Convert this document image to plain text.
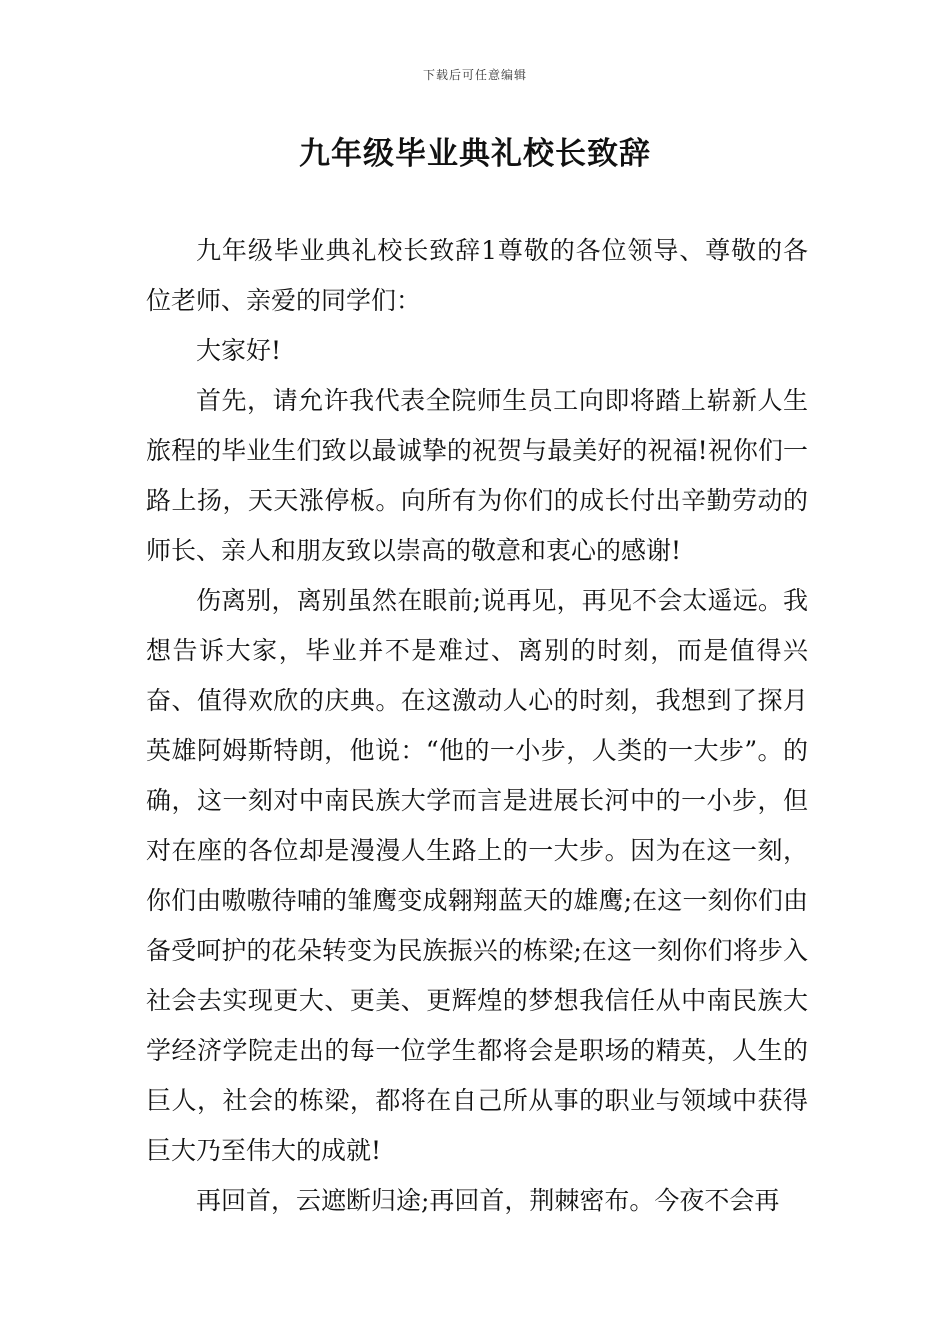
下载后可任意编辑
九年级毕业典礼校长致辞

九年级毕业典礼校长致辞1尊敬的各位领导、尊敬的各位老师、亲爱的同学们：

大家好!

首先，请允许我代表全院师生员工向即将踏上崭新人生旅程的毕业生们致以最诚挚的祝贺与最美好的祝福!祝你们一路上扬，天天涨停板。向所有为你们的成长付出辛勤劳动的师长、亲人和朋友致以崇高的敬意和衷心的感谢!

伤离别，离别虽然在眼前;说再见，再见不会太遥远。我想告诉大家，毕业并不是难过、离别的时刻，而是值得兴奋、值得欢欣的庆典。在这激动人心的时刻，我想到了探月英雄阿姆斯特朗，他说：“他的一小步，人类的一大步”。的确，这一刻对中南民族大学而言是进展长河中的一小步，但对在座的各位却是漫漫人生路上的一大步。因为在这一刻，你们由嗷嗷待哺的雏鹰变成翱翔蓝天的雄鹰;在这一刻你们由备受呵护的花朵转变为民族振兴的栋梁;在这一刻你们将步入社会去实现更大、更美、更辉煌的梦想我信任从中南民族大学经济学院走出的每一位学生都将会是职场的精英，人生的巨人，社会的栋梁，都将在自己所从事的职业与领域中获得巨大乃至伟大的成就!

再回首，云遮断归途;再回首，荆棘密布。今夜不会再
